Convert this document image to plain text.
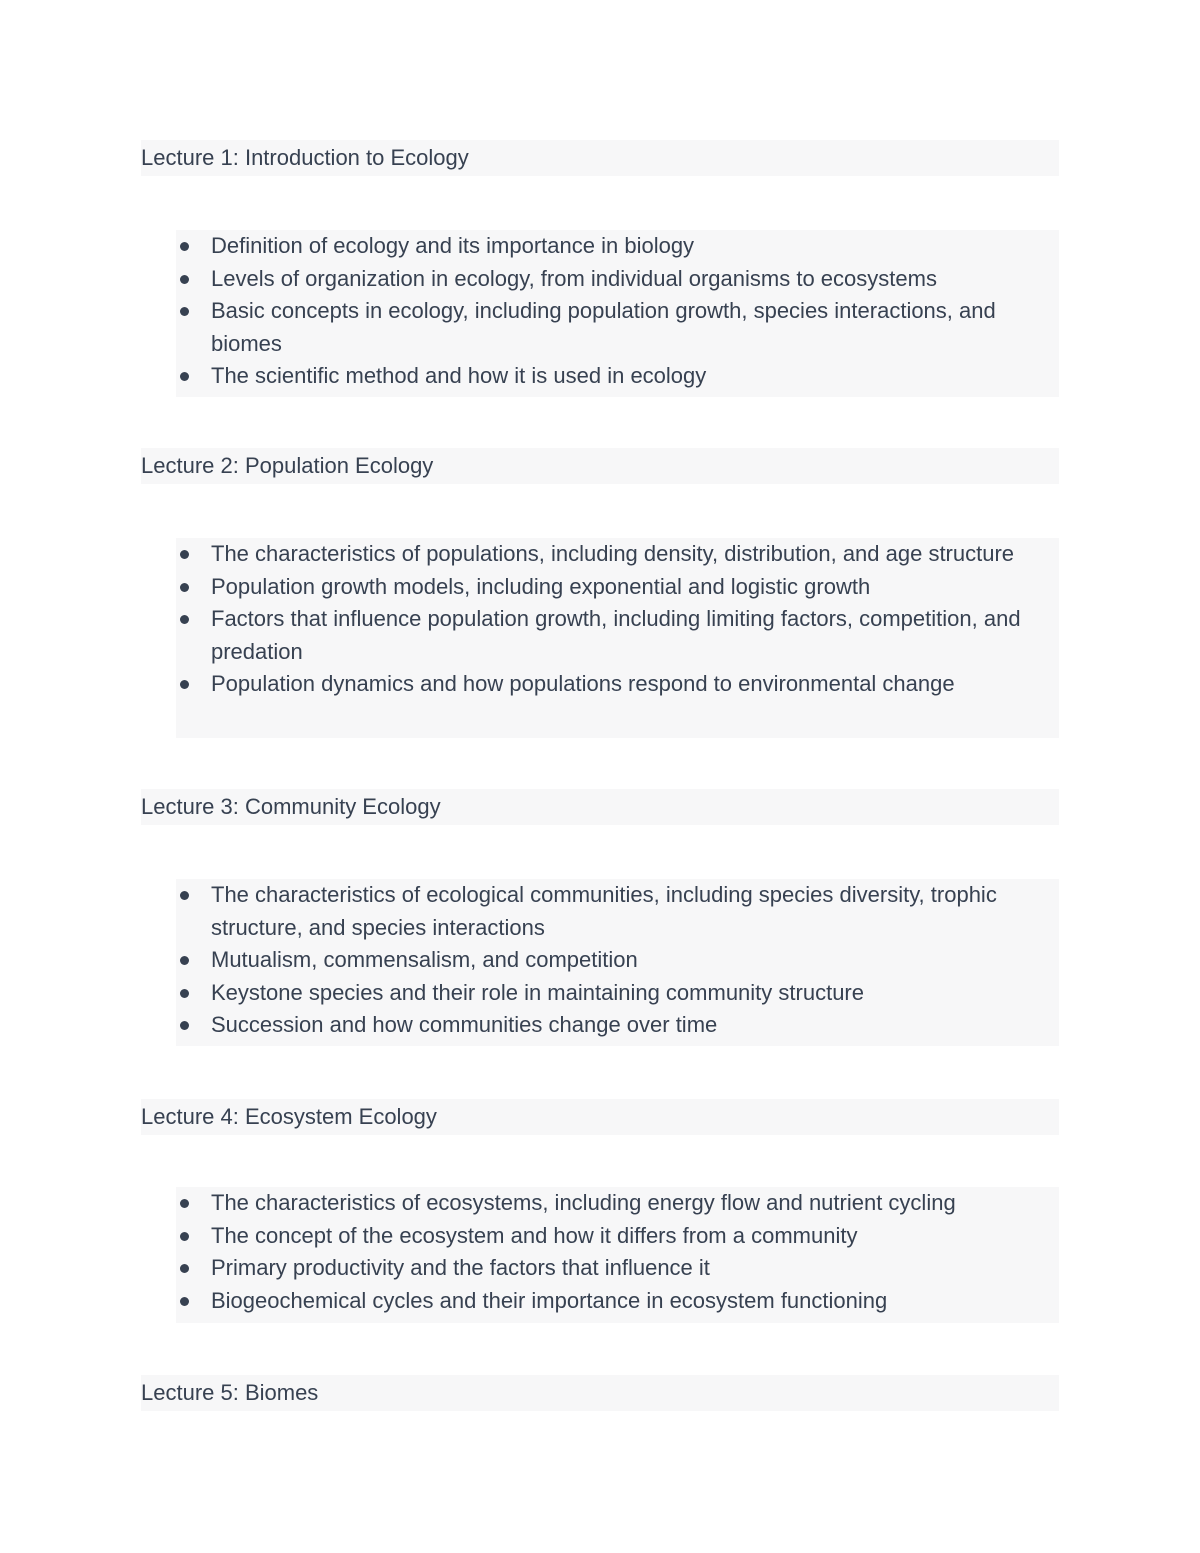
Lecture 1: Introduction to Ecology
Definition of ecology and its importance in biology
Levels of organization in ecology, from individual organisms to ecosystems
Basic concepts in ecology, including population growth, species interactions, and biomes
The scientific method and how it is used in ecology
Lecture 2: Population Ecology
The characteristics of populations, including density, distribution, and age structure
Population growth models, including exponential and logistic growth
Factors that influence population growth, including limiting factors, competition, and predation
Population dynamics and how populations respond to environmental change
Lecture 3: Community Ecology
The characteristics of ecological communities, including species diversity, trophic structure, and species interactions
Mutualism, commensalism, and competition
Keystone species and their role in maintaining community structure
Succession and how communities change over time
Lecture 4: Ecosystem Ecology
The characteristics of ecosystems, including energy flow and nutrient cycling
The concept of the ecosystem and how it differs from a community
Primary productivity and the factors that influence it
Biogeochemical cycles and their importance in ecosystem functioning
Lecture 5: Biomes
